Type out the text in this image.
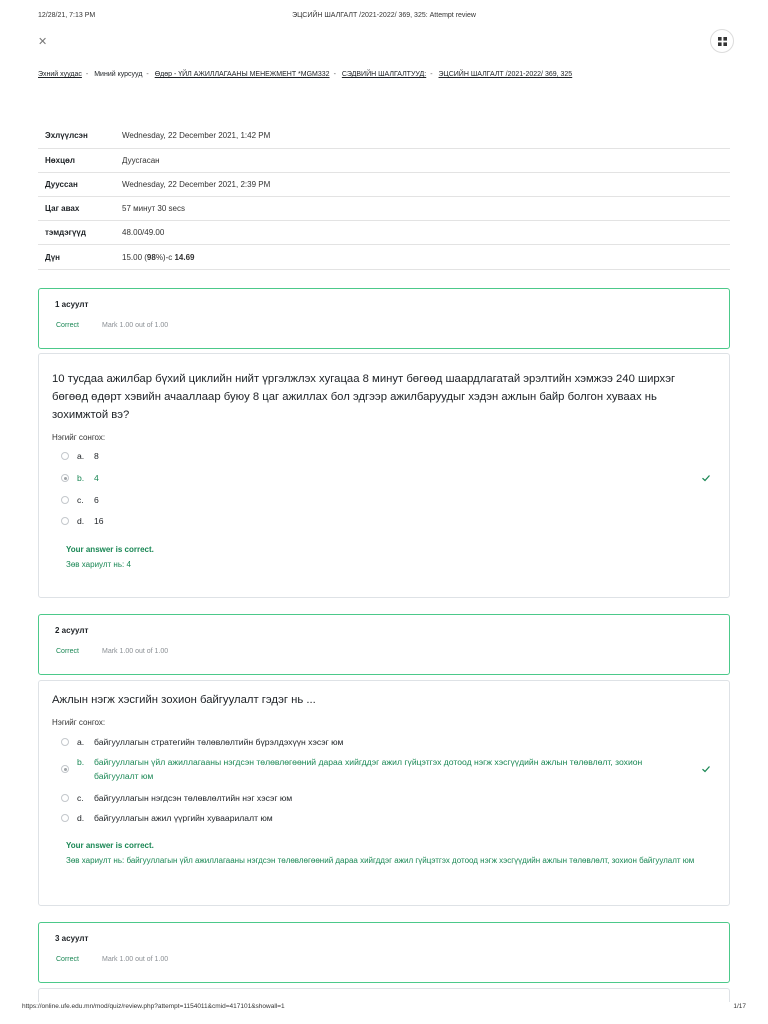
12/28/21, 7:13 PM	ЭЦСИЙН ШАЛГАЛТ /2021-2022/ 369, 325: Attempt review
✕
Эхний хуудас - Миний курсууд - Өдөр - ҮЙЛ АЖИЛЛАГААНЫ МЕНЕЖМЕНТ *MGM332 - СЭДВИЙН ШАЛГАЛТУУД: - ЭЦСИЙН ШАЛГАЛТ /2021-2022/ 369, 325
Эхлүүлсэн	Wednesday, 22 December 2021, 1:42 PM
Нөхцөл	Дуусгасан
Дууссан	Wednesday, 22 December 2021, 2:39 PM
Цаг авах	57 минут 30 secs
тэмдэгүүд	48.00/49.00
Дүн	15.00 (98%)-с 14.69
1 асуулт
Correct	Mark 1.00 out of 1.00
10 тусдаа ажилбар бүхий циклийн нийт үргэлжлэх хугацаа 8 минут бөгөөд шаардлагатай эрэлтийн хэмжээ 240 ширхэг бөгөөд өдөрт хэвийн ачааллаар буюу 8 цаг ажиллах бол эдгээр ажилбаруудыг хэдэн ажлын байр болгон хуваах нь зохимжтой вэ?
Нэгийг сонгох:
a. 8
b. 4
c. 6
d. 16
Your answer is correct.
Зөв хариулт нь: 4
2 асуулт
Correct	Mark 1.00 out of 1.00
Ажлын нэгж хэсгийн зохион байгуулалт гэдэг нь ...
Нэгийг сонгох:
a. байгууллагын стратегийн төлөвлөлтийн бүрэлдэхүүн хэсэг юм
b. байгууллагын үйл ажиллагааны нэгдсэн төлөвлөгөөний дараа хийгддэг ажил гүйцэтгэх дотоод нэгж хэсгүүдийн ажлын төлөвлөлт, зохион байгуулалт юм
c. байгууллагын нэгдсэн төлөвлөлтийн нэг хэсэг юм
d. байгууллагын ажил үүргийн хуваарилалт юм
Your answer is correct.
Зөв хариулт нь: байгууллагын үйл ажиллагааны нэгдсэн төлөвлөгөөний дараа хийгддэг ажил гүйцэтгэх дотоод нэгж хэсгүүдийн ажлын төлөвлөлт, зохион байгуулалт юм
3 асуулт
Correct	Mark 1.00 out of 1.00
https://online.ufe.edu.mn/mod/quiz/review.php?attempt=1154011&cmid=417101&showall=1	1/17
